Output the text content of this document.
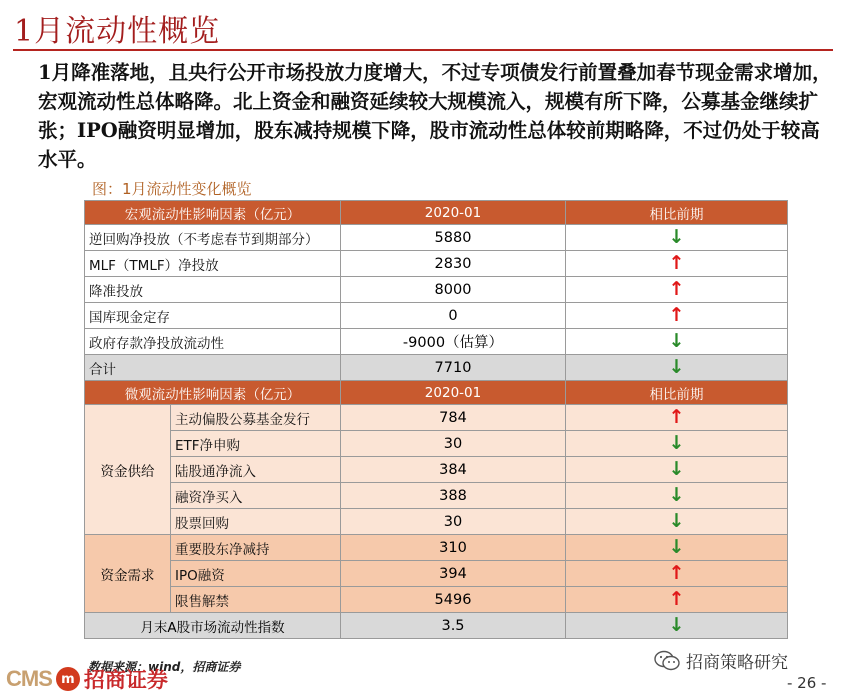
1月流动性概览
1月降准落地，且央行公开市场投放力度增大，不过专项债发行前置叠加春节现金需求增加，宏观流动性总体略降。北上资金和融资延续较大规模流入，规模有所下降，公募基金继续扩张；IPO融资明显增加，股东减持规模下降，股市流动性总体较前期略降，不过仍处于较高水平。
图：1月流动性变化概览
宏观流动性影响因素（亿元）		2020-01	相比前期
逆回购净投放（不考虑春节到期部分）		5880	↓
MLF（TMLF）净投放		2830	↑
降准投放		8000	↑
国库现金定存		0	↑
政府存款净投放流动性		-9000（估算）	↓
合计		7710	↓
微观流动性影响因素（亿元）		2020-01	相比前期
资金供给	主动偏股公募基金发行	784	↑
	ETF净申购	30	↓
	陆股通净流入	384	↓
	融资净买入	388	↓
	股票回购	30	↓
资金需求	重要股东净减持	310	↓
	IPO融资	394	↑
	限售解禁	5496	↑
月末A股市场流动性指数		3.5	↓
数据来源：wind，招商证券
CMS m 招商证券
招商策略研究
- 26 -
